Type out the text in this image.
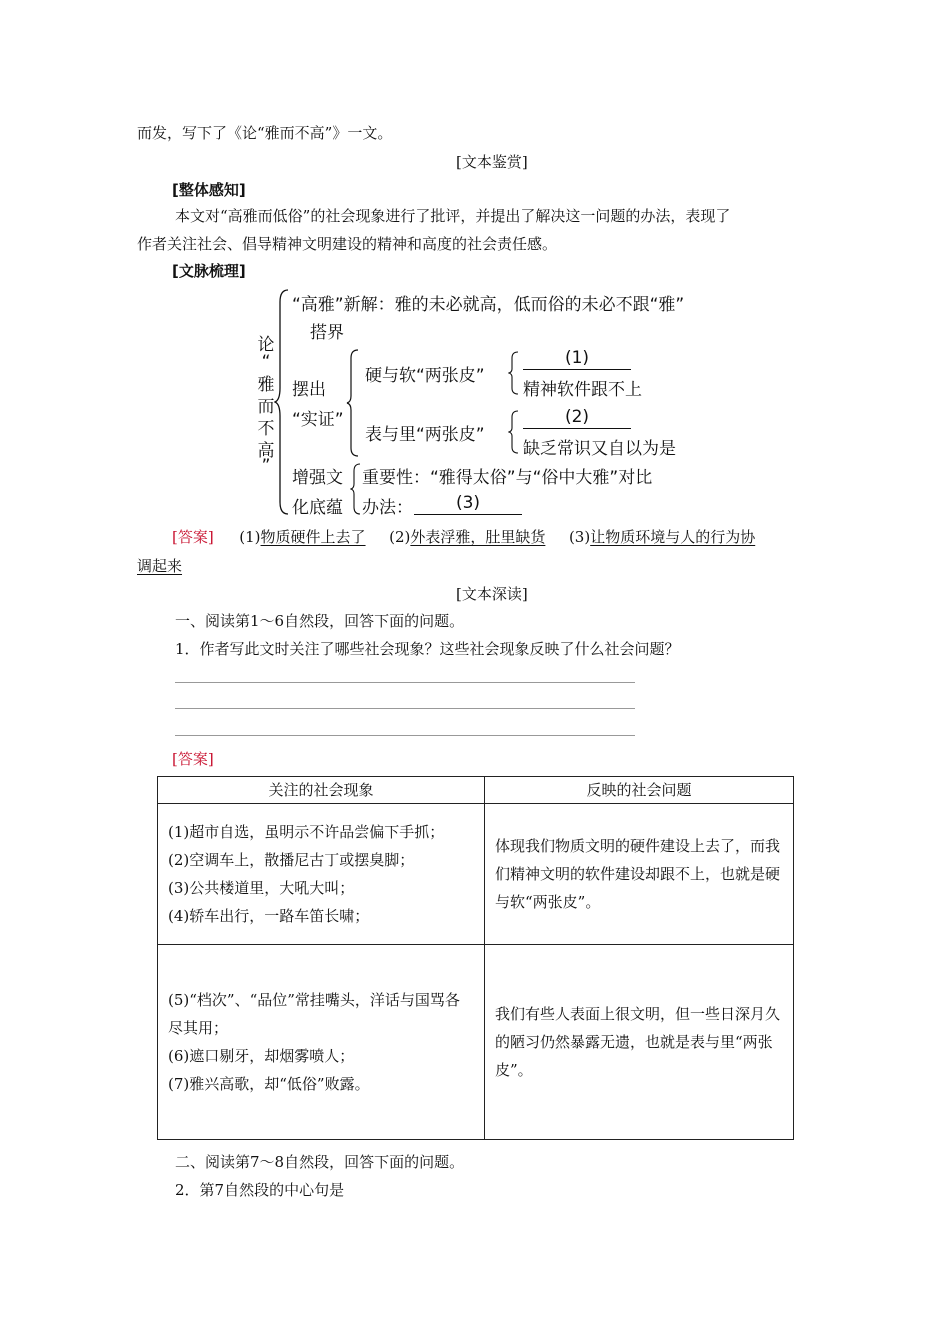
而发，写下了《论“雅而不高”》一文。
[文本鉴赏]
[整体感知]
本文对“高雅而低俗”的社会现象进行了批评，并提出了解决这一问题的办法，表现了
作者关注社会、倡导精神文明建设的精神和高度的社会责任感。
[文脉梳理]
论
“
雅
而
不
高
”
“高雅”新解：雅的未必就高，低而俗的未必不跟“雅”
搭界
摆出
“实证”
硬与软“两张皮”
(1)
精神软件跟不上
表与里“两张皮”
(2)
缺乏常识又自以为是
增强文
化底蕴
重要性：“雅得太俗”与“俗中大雅”对比
办法：	(3)
[答案] (1)物质硬件上去了 (2)外表浮雅，肚里缺货 (3)让物质环境与人的行为协
调起来
[文本深读]
一、阅读第1～6自然段，回答下面的问题。
1．作者写此文时关注了哪些社会现象？这些社会现象反映了什么社会问题？
[答案]
关注的社会现象	反映的社会问题

(1)超市自选，虽明示不许品尝偏下手抓；
(2)空调车上，散播尼古丁或摆臭脚；
(3)公共楼道里，大吼大叫；
(4)轿车出行，一路车笛长啸；	体现我们物质文明的硬件建设上去了，而我们精神文明的软件建设却跟不上，也就是硬与软“两张皮”。

(5)“档次”、“品位”常挂嘴头，洋话与国骂各尽其用；
(6)遮口剔牙，却烟雾喷人；
(7)雅兴高歌，却“低俗”败露。	我们有些人表面上很文明，但一些日深月久的陋习仍然暴露无遗，也就是表与里“两张皮”。
二、阅读第7～8自然段，回答下面的问题。
2．第7自然段的中心句是
